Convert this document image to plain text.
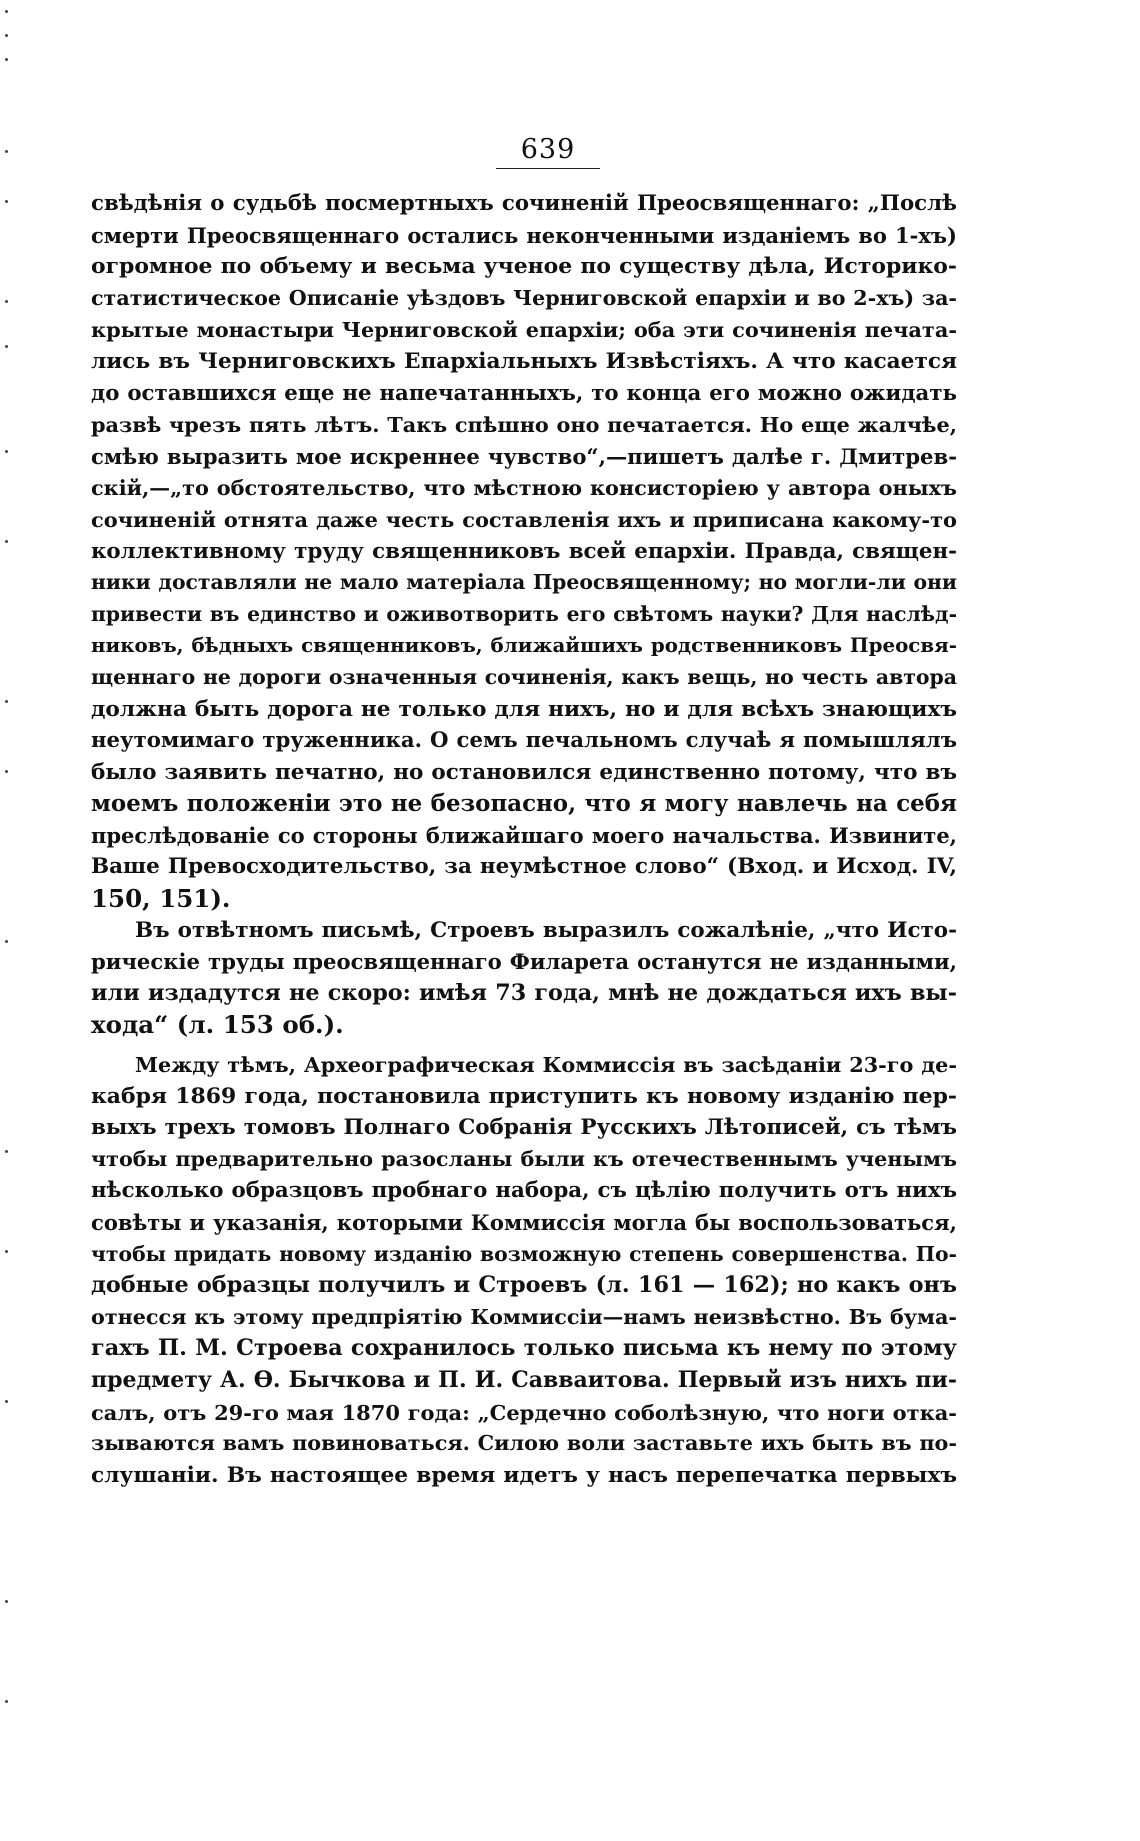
639
свѣдѣнія о судьбѣ посмертныхъ сочиненій Преосвященнаго: „Послѣ
смерти Преосвященнаго остались неконченными изданіемъ во 1-хъ)
огромное по объему и весьма ученое по существу дѣла, Историко-
статистическое Описаніе уѣздовъ Черниговской епархіи и во 2-хъ) за-
крытые монастыри Черниговской епархіи; оба эти сочиненія печата-
лись въ Черниговскихъ Епархіальныхъ Извѣстіяхъ. А что касается
до оставшихся еще не напечатанныхъ, то конца его можно ожидать
развѣ чрезъ пять лѣтъ. Такъ спѣшно оно печатается. Но еще жалчѣе,
смѣю выразить мое искреннее чувство“,—пишетъ далѣе г. Дмитрев-
скій,—„то обстоятельство, что мѣстною консисторіею у автора оныхъ
сочиненій отнята даже честь составленія ихъ и приписана какому-то
коллективному труду священниковъ всей епархіи. Правда, священ-
ники доставляли не мало матеріала Преосвященному; но могли-ли они
привести въ единство и оживотворить его свѣтомъ науки? Для наслѣд-
никовъ, бѣдныхъ священниковъ, ближайшихъ родственниковъ Преосвя-
щеннаго не дороги означенныя сочиненія, какъ вещь, но честь автора
должна быть дорога не только для нихъ, но и для всѣхъ знающихъ
неутомимаго труженника. О семъ печальномъ случаѣ я помышлялъ
было заявить печатно, но остановился единственно потому, что въ
моемъ положеніи это не безопасно, что я могу навлечь на себя
преслѣдованіе со стороны ближайшаго моего начальства. Извините,
Ваше Превосходительство, за неумѣстное слово“ (Вход. и Исход. IV,
150, 151).
Въ отвѣтномъ письмѣ, Строевъ выразилъ сожалѣніе, „что Исто-
рическіе труды преосвященнаго Филарета останутся не изданными,
или издадутся не скоро: имѣя 73 года, мнѣ не дождаться ихъ вы-
хода“ (л. 153 об.).
Между тѣмъ, Археографическая Коммиссія въ засѣданіи 23-го де-
кабря 1869 года, постановила приступить къ новому изданію пер-
выхъ трехъ томовъ Полнаго Собранія Русскихъ Лѣтописей, съ тѣмъ
чтобы предварительно разосланы были къ отечественнымъ ученымъ
нѣсколько образцовъ пробнаго набора, съ цѣлію получить отъ нихъ
совѣты и указанія, которыми Коммиссія могла бы воспользоваться,
чтобы придать новому изданію возможную степень совершенства. По-
добные образцы получилъ и Строевъ (л. 161 — 162); но какъ онъ
отнесся къ этому предпріятію Коммиссіи—намъ неизвѣстно. Въ бума-
гахъ П. М. Строева сохранилось только письма къ нему по этому
предмету А. Ѳ. Бычкова и П. И. Савваитова. Первый изъ нихъ пи-
салъ, отъ 29-го мая 1870 года: „Сердечно соболѣзную, что ноги отка-
зываются вамъ повиноваться. Силою воли заставьте ихъ быть въ по-
слушаніи. Въ настоящее время идетъ у насъ перепечатка первыхъ
